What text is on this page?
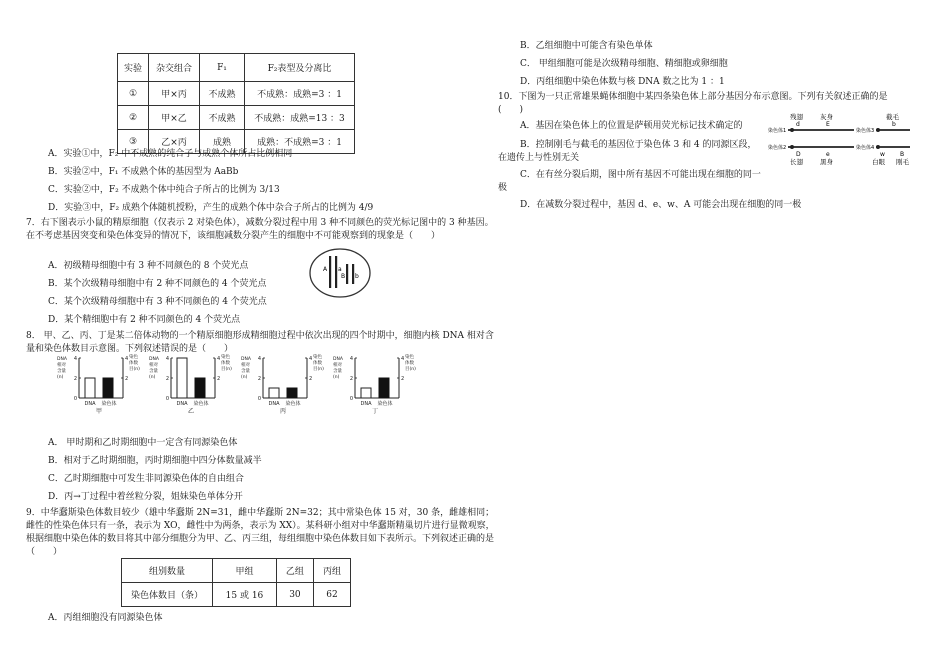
实验	杂交组合	F₁	F₂表型及分离比
①	甲×丙	不成熟	不成熟：成熟=3 ：1
②	甲×乙	不成熟	不成熟：成熟=13 ：3
③	乙×丙	成熟	成熟：不成熟=3 ：1
A．实验①中，F₂ 中不成熟的纯合子与成熟个体所占比例相同
B．实验②中，F₁ 不成熟个体的基因型为 AaBb
C．实验②中，F₂ 不成熟个体中纯合子所占的比例为 3/13
D．实验③中，F₂ 成熟个体随机授粉，产生的成熟个体中杂合子所占的比例为 4/9
7．右下图表示小鼠的精原细胞（仅表示 2 对染色体），减数分裂过程中用 3 种不同颜色的荧光标记图中的 3 种基因。在不考虑基因突变和染色体变异的情况下，该细胞减数分裂产生的细胞中不可能观察到的现象是（　　）
A．初级精母细胞中有 3 种不同颜色的 8 个荧光点
B．某个次级精母细胞中有 2 种不同颜色的 4 个荧光点
C．某个次级精母细胞中有 3 种不同颜色的 4 个荧光点
D．某个精细胞中有 2 种不同颜色的 4 个荧光点
A a
B b
8． 甲、乙、丙、丁是某二倍体动物的一个精原细胞形成精细胞过程中依次出现的四个时期中，细胞内核 DNA 相对含量和染色体数目示意图。下列叙述错误的是（　　）
DNA
相对
含量
(n)
染色
体数
目(n)
2	2
4	4
0
DNA 染色体
甲
DNA
相对
含量
(n)
染色
体数
目(n)
2	2
4	4
0
DNA 染色体
乙
DNA
相对
含量
(n)
染色
体数
目(n)
2	2
4	4
0
DNA 染色体
丙
DNA
相对
含量
(n)
染色
体数
目(n)
2	2
4	4
0
DNA 染色体
丁
A． 甲时期和乙时期细胞中一定含有同源染色体
B．相对于乙时期细胞，丙时期细胞中四分体数量减半
C．乙时期细胞中可发生非同源染色体的自由组合
D．丙→丁过程中着丝粒分裂，姐妹染色单体分开
9．中华蠢斯染色体数目较少（雄中华蠢斯 2N=31，雌中华蠢斯 2N=32；其中常染色体 15 对，30 条，雌雄相同；雌性的性染色体只有一条，表示为 XO，雌性中为两条，表示为 XX）。某科研小组对中华蠢斯精巢切片进行显微观察，根据细胞中染色体的数目将其中部分细胞分为甲、乙、丙三组，每组细胞中染色体数目如下表所示。下列叙述正确的是（　　）
组别数量	甲组	乙组	丙组
染色体数目（条）	15 或 16	30	62
A．丙组细胞没有同源染色体
B．乙组细胞中可能含有染色单体
C． 甲组细胞可能是次级精母细胞、精细胞或卵细胞
D．丙组细胞中染色体数与核 DNA 数之比为 1 ：1
10．下图为一只正常雄果蝇体细胞中某四条染色体上部分基因分布示意图。下列有关叙述正确的是(　　)
A．基因在染色体上的位置是萨顿用荧光标记技术确定的
B．控制刚毛与截毛的基因位于染色体 3 和 4 的同源区段，在遗传上与性别无关
C．在有丝分裂后期，图中所有基因不可能出现在细胞的同一极
D．在减数分裂过程中，基因 d、e、w、A 可能会出现在细胞的同一极
残翅	灰身
d	E
染色体1
染色体2
D	e
长翅	黑身
截毛
b
染色体3
染色体4
w	B
白眼 刚毛
